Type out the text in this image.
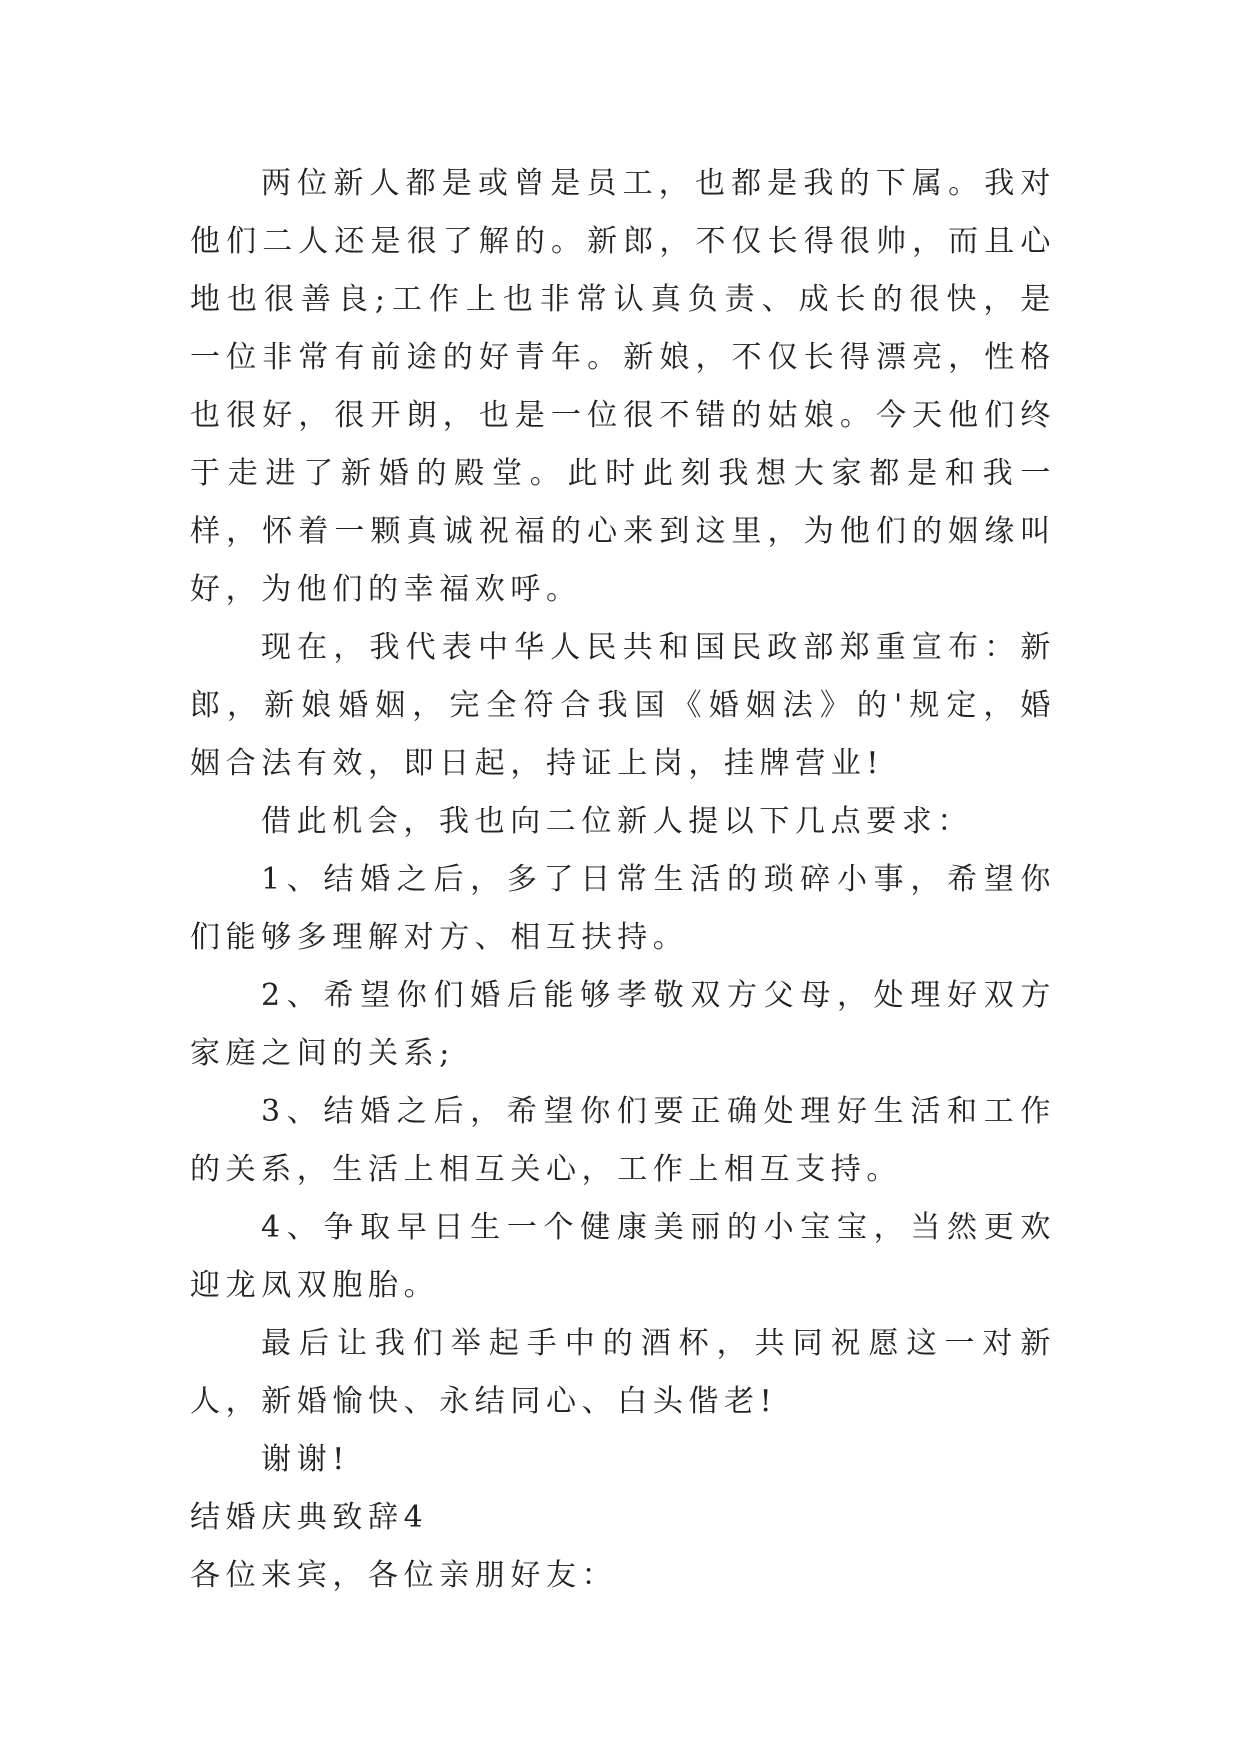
两位新人都是或曾是员工，也都是我的下属。我对他们二人还是很了解的。新郎，不仅长得很帅，而且心地也很善良;工作上也非常认真负责、成长的很快，是一位非常有前途的好青年。新娘，不仅长得漂亮，性格也很好，很开朗，也是一位很不错的姑娘。今天他们终于走进了新婚的殿堂。此时此刻我想大家都是和我一样，怀着一颗真诚祝福的心来到这里，为他们的姻缘叫好，为他们的幸福欢呼。

现在，我代表中华人民共和国民政部郑重宣布：新郎，新娘婚姻，完全符合我国《婚姻法》的'规定，婚姻合法有效，即日起，持证上岗，挂牌营业!

借此机会，我也向二位新人提以下几点要求：

1、结婚之后，多了日常生活的琐碎小事，希望你们能够多理解对方、相互扶持。

2、希望你们婚后能够孝敬双方父母，处理好双方家庭之间的关系;

3、结婚之后，希望你们要正确处理好生活和工作的关系，生活上相互关心，工作上相互支持。

4、争取早日生一个健康美丽的小宝宝，当然更欢迎龙凤双胞胎。

最后让我们举起手中的酒杯，共同祝愿这一对新人，新婚愉快、永结同心、白头偕老!

谢谢!

结婚庆典致辞4

各位来宾，各位亲朋好友：
